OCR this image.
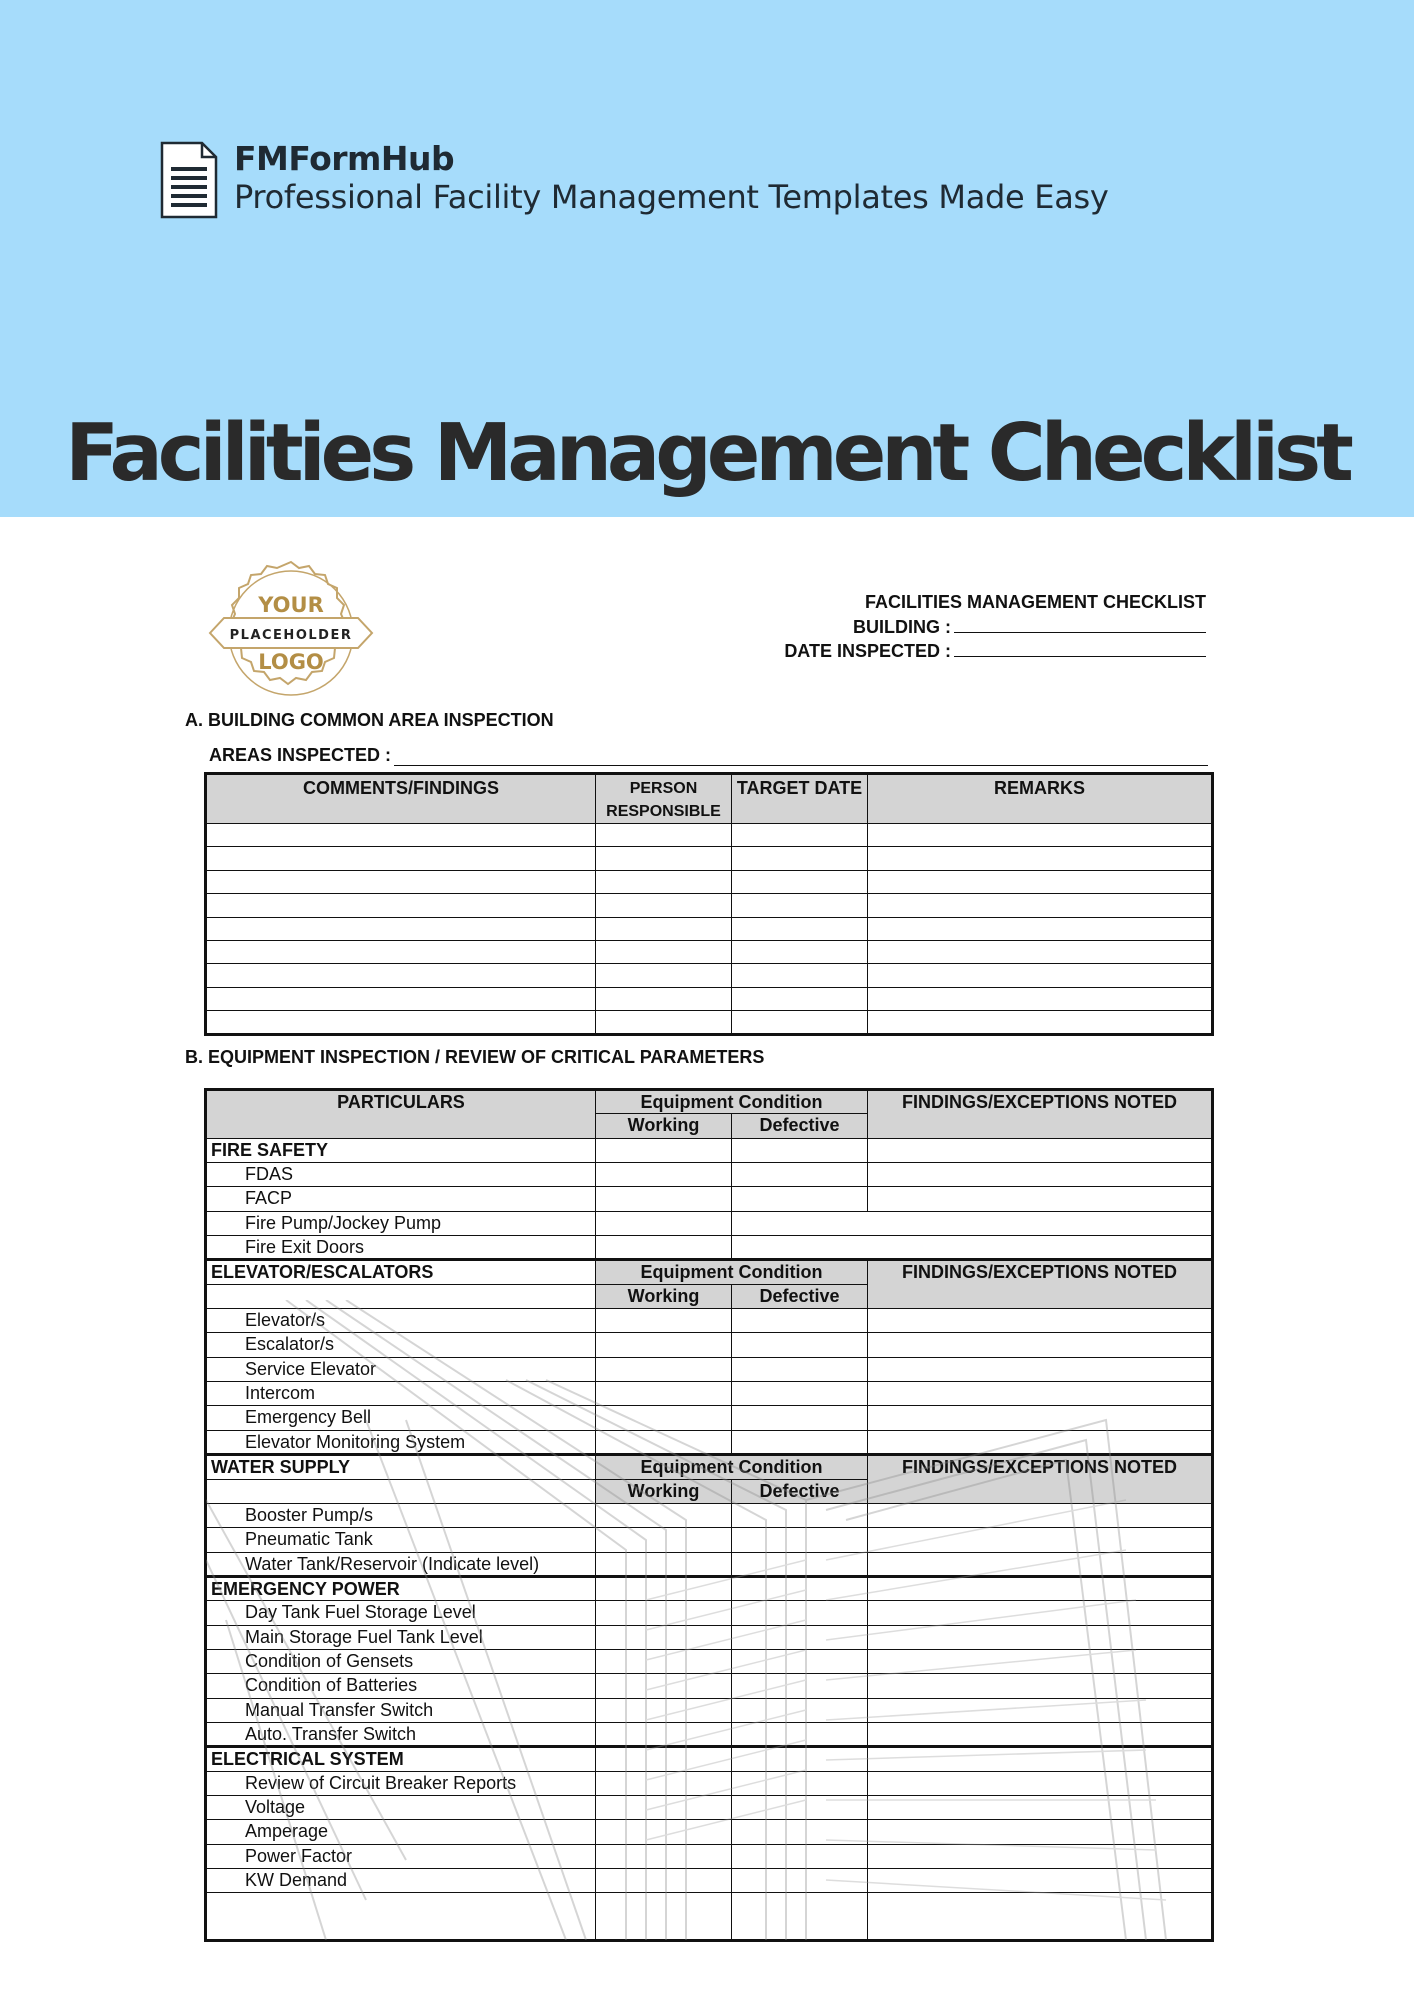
FMFormHub
Professional Facility Management Templates Made Easy
Facilities Management Checklist
YOUR
PLACEHOLDER
LOGO
FACILITIES MANAGEMENT CHECKLIST
BUILDING :
DATE INSPECTED :
A. BUILDING COMMON AREA INSPECTION
AREAS INSPECTED :
COMMENTS/FINDINGS	PERSON RESPONSIBLE	TARGET DATE	REMARKS

B. EQUIPMENT INSPECTION / REVIEW OF CRITICAL PARAMETERS
PARTICULARS	Equipment Condition		FINDINGS/EXCEPTIONS NOTED
	Working	Defective	
FIRE SAFETY			
FDAS			
FACP			
Fire Pump/Jockey Pump			
Fire Exit Doors			
ELEVATOR/ESCALATORS	Equipment Condition		FINDINGS/EXCEPTIONS NOTED
	Working	Defective	
Elevator/s			
Escalator/s			
Service Elevator			
Intercom			
Emergency Bell			
Elevator Monitoring System			
WATER SUPPLY	Equipment Condition		FINDINGS/EXCEPTIONS NOTED
	Working	Defective	
Booster Pump/s			
Pneumatic Tank			
Water Tank/Reservoir (Indicate level)			
EMERGENCY POWER			
Day Tank Fuel Storage Level			
Main Storage Fuel Tank Level			
Condition of Gensets			
Condition of Batteries			
Manual Transfer Switch			
Auto. Transfer Switch			
ELECTRICAL SYSTEM			
Review of Circuit Breaker Reports			
Voltage			
Amperage			
Power Factor			
KW Demand			
